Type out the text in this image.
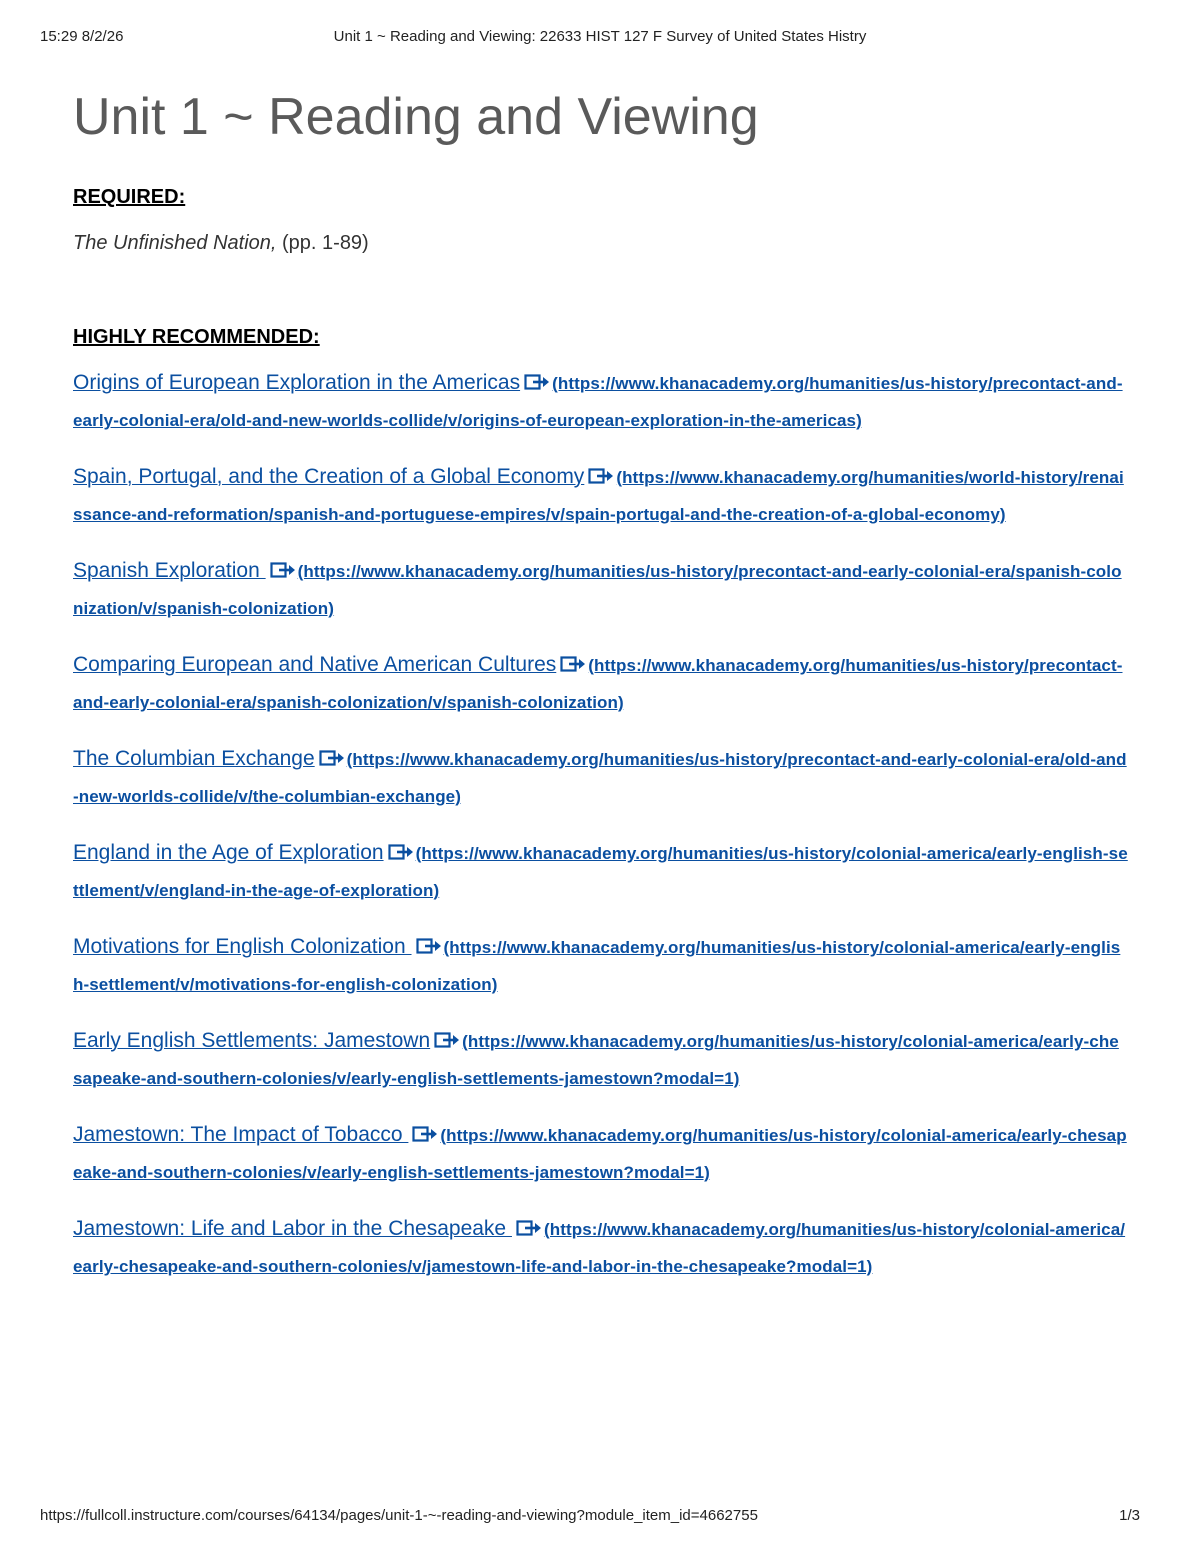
15:29 8/2/26	Unit 1 ~ Reading and Viewing: 22633 HIST 127 F Survey of United States Histry
Unit 1 ~ Reading and Viewing

REQUIRED:

The Unfinished Nation, (pp. 1-89)

HIGHLY RECOMMENDED:

Origins of European Exploration in the Americas (https://www.khanacademy.org/humanities/us-history/precontact-and-early-colonial-era/old-and-new-worlds-collide/v/origins-of-european-exploration-in-the-americas)
Spain, Portugal, and the Creation of a Global Economy (https://www.khanacademy.org/humanities/world-history/renaissance-and-reformation/spanish-and-portuguese-empires/v/spain-portugal-and-the-creation-of-a-global-economy)
Spanish Exploration
(https://www.khanacademy.org/humanities/us-history/precontact-and-early-colonial-era/spanish-colonization/v/spanish-colonization)
Comparing European and Native American Cultures (https://www.khanacademy.org/humanities/us-history/precontact-and-early-colonial-era/spanish-colonization/v/spanish-colonization)
The Columbian Exchange (https://www.khanacademy.org/humanities/us-history/precontact-and-early-colonial-era/old-and-new-worlds-collide/v/the-columbian-exchange)
England in the Age of Exploration (https://www.khanacademy.org/humanities/us-history/colonial-america/early-english-settlement/v/england-in-the-age-of-exploration)
Motivations for English Colonization
(https://www.khanacademy.org/humanities/us-history/colonial-america/early-english-settlement/v/motivations-for-english-colonization)
Early English Settlements: Jamestown (https://www.khanacademy.org/humanities/us-history/colonial-america/early-chesapeake-and-southern-colonies/v/early-english-settlements-jamestown?modal=1)
Jamestown: The Impact of Tobacco
(https://www.khanacademy.org/humanities/us-history/colonial-america/early-chesapeake-and-southern-colonies/v/early-english-settlements-jamestown?modal=1)
Jamestown: Life and Labor in the Chesapeake
(https://www.khanacademy.org/humanities/us-history/colonial-america/early-chesapeake-and-southern-colonies/v/jamestown-life-and-labor-in-the-chesapeake?modal=1)
https://fullcoll.instructure.com/courses/64134/pages/unit-1-~-reading-and-viewing?module_item_id=4662755	1/3
